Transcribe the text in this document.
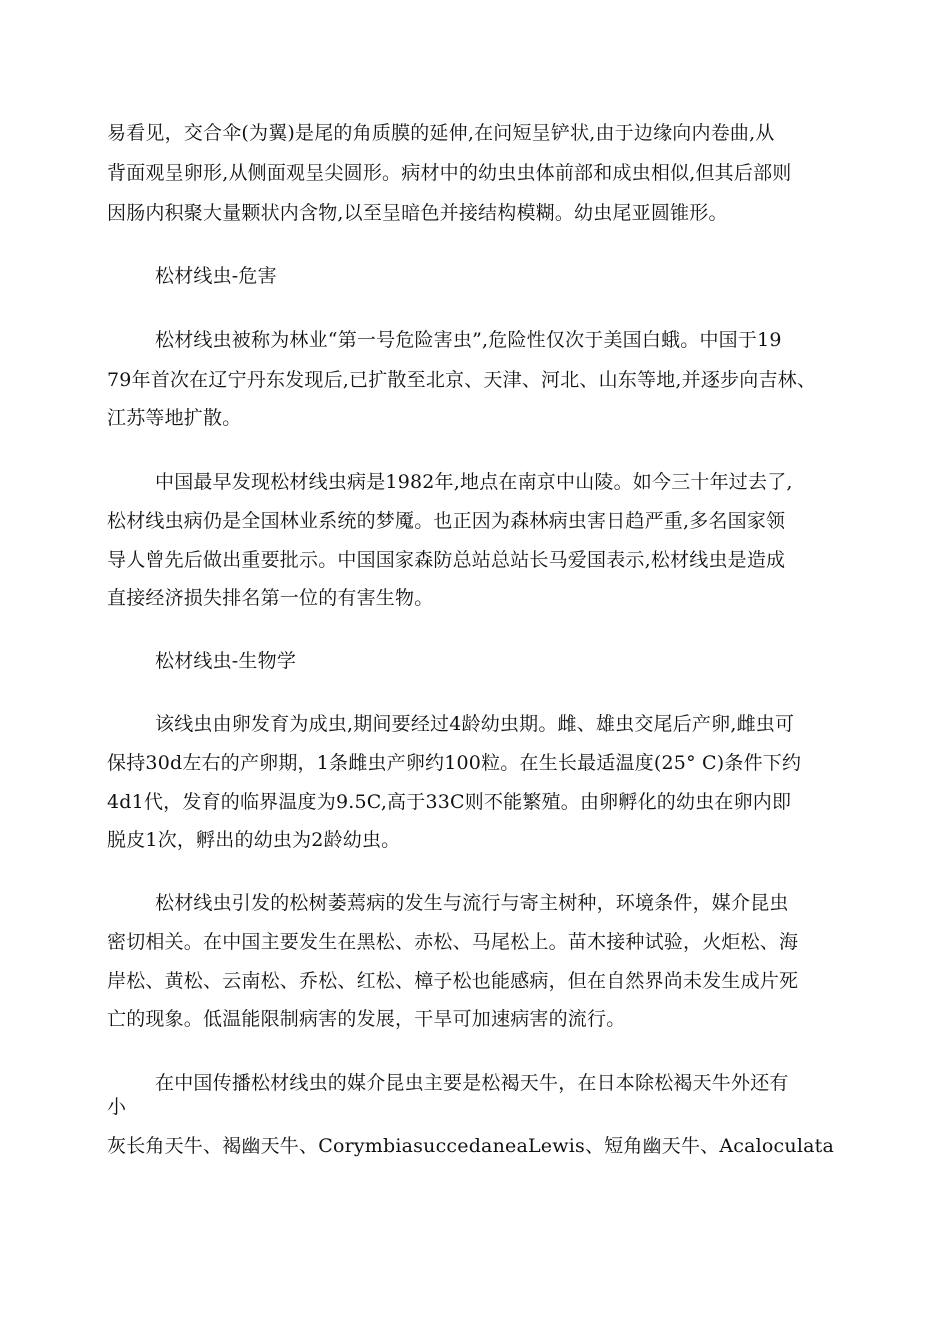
易看见，交合伞(为翼)是尾的角质膜的延伸,在问短呈铲状,由于边缘向内卷曲,从
背面观呈卵形,从侧面观呈尖圆形。病材中的幼虫虫体前部和成虫相似,但其后部则
因肠内积聚大量颗状内含物,以至呈暗色并接结构模糊。幼虫尾亚圆锥形。
松材线虫-危害
松材线虫被称为林业“第一号危险害虫”,危险性仅次于美国白蛾。中国于19
79年首次在辽宁丹东发现后,已扩散至北京、天津、河北、山东等地,并逐步向吉林、
江苏等地扩散。
中国最早发现松材线虫病是1982年,地点在南京中山陵。如今三十年过去了,
松材线虫病仍是全国林业系统的梦魇。也正因为森林病虫害日趋严重,多名国家领
导人曾先后做出重要批示。中国国家森防总站总站长马爱国表示,松材线虫是造成
直接经济损失排名第一位的有害生物。
松材线虫-生物学
该线虫由卵发育为成虫,期间要经过4龄幼虫期。雌、雄虫交尾后产卵,雌虫可
保持30d左右的产卵期，1条雌虫产卵约100粒。在生长最适温度(25° C)条件下约
4d1代，发育的临界温度为9.5C,高于33C则不能繁殖。由卵孵化的幼虫在卵内即
脱皮1次，孵出的幼虫为2龄幼虫。
松材线虫引发的松树萎蔫病的发生与流行与寄主树种，环境条件，媒介昆虫
密切相关。在中国主要发生在黑松、赤松、马尾松上。苗木接种试验，火炬松、海
岸松、黄松、云南松、乔松、红松、樟子松也能感病，但在自然界尚未发生成片死
亡的现象。低温能限制病害的发展，干旱可加速病害的流行。
在中国传播松材线虫的媒介昆虫主要是松褐天牛，在日本除松褐天牛外还有
小
灰长角天牛、褐幽天牛、CorymbiasuccedaneaLewis、短角幽天牛、Acaloculata
